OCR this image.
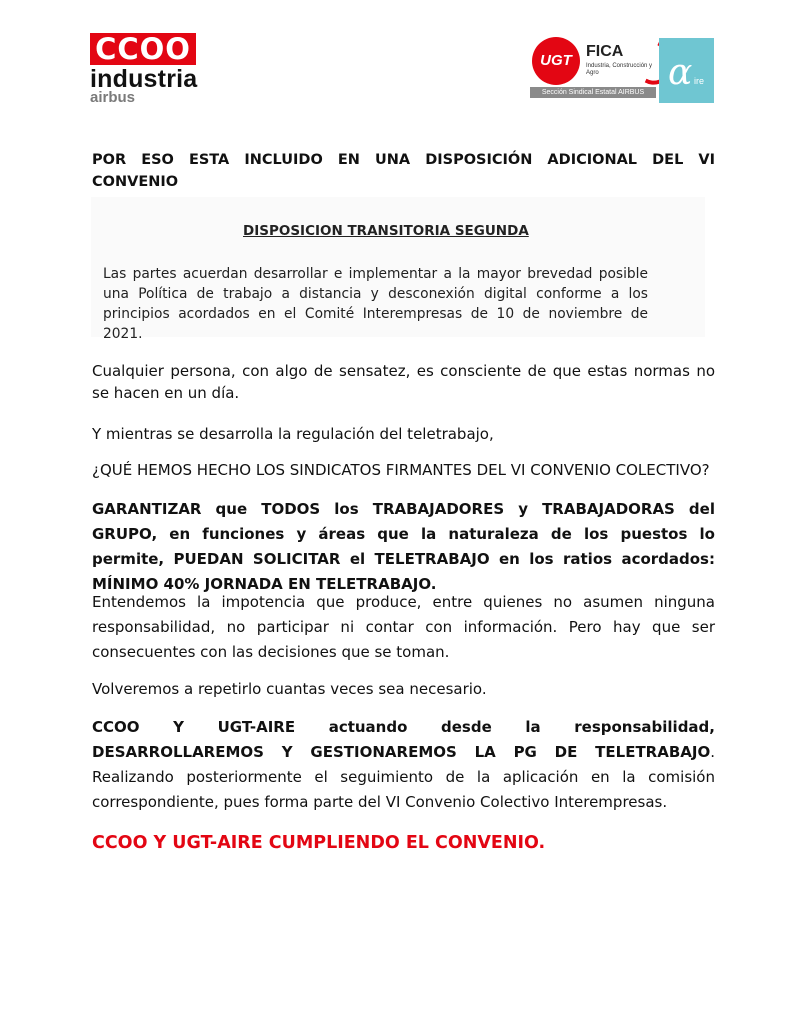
CCOO
industria
airbus
UGT
FICA
Industria, Construcción y Agro
Sección Sindical Estatal AIRBUS α ire

POR ESO ESTA INCLUIDO EN UNA DISPOSICIÓN ADICIONAL DEL VI CONVENIO

DISPOSICION TRANSITORIA SEGUNDA

Las partes acuerdan desarrollar e implementar a la mayor brevedad posible
una Política de trabajo a distancia y desconexión digital conforme a los
principios acordados en el Comité Interempresas de 10 de noviembre de 2021.

Cualquier persona, con algo de sensatez, es consciente de que estas normas no se hacen en un día.

Y mientras se desarrolla la regulación del teletrabajo,

¿QUÉ HEMOS HECHO LOS SINDICATOS FIRMANTES DEL VI CONVENIO COLECTIVO?

GARANTIZAR que TODOS los TRABAJADORES y TRABAJADORAS del GRUPO, en funciones y áreas que la naturaleza de los puestos lo permite, PUEDAN SOLICITAR el TELETRABAJO en los ratios acordados: MÍNIMO 40% JORNADA EN TELETRABAJO.

Entendemos la impotencia que produce, entre quienes no asumen ninguna responsabilidad, no participar ni contar con información. Pero hay que ser consecuentes con las decisiones que se toman.

Volveremos a repetirlo cuantas veces sea necesario.

CCOO Y UGT-AIRE actuando desde la responsabilidad, DESARROLLAREMOS Y GESTIONAREMOS LA PG DE TELETRABAJO. Realizando posteriormente el seguimiento de la aplicación en la comisión correspondiente, pues forma parte del VI Convenio Colectivo Interempresas.

CCOO Y UGT-AIRE CUMPLIENDO EL CONVENIO.
